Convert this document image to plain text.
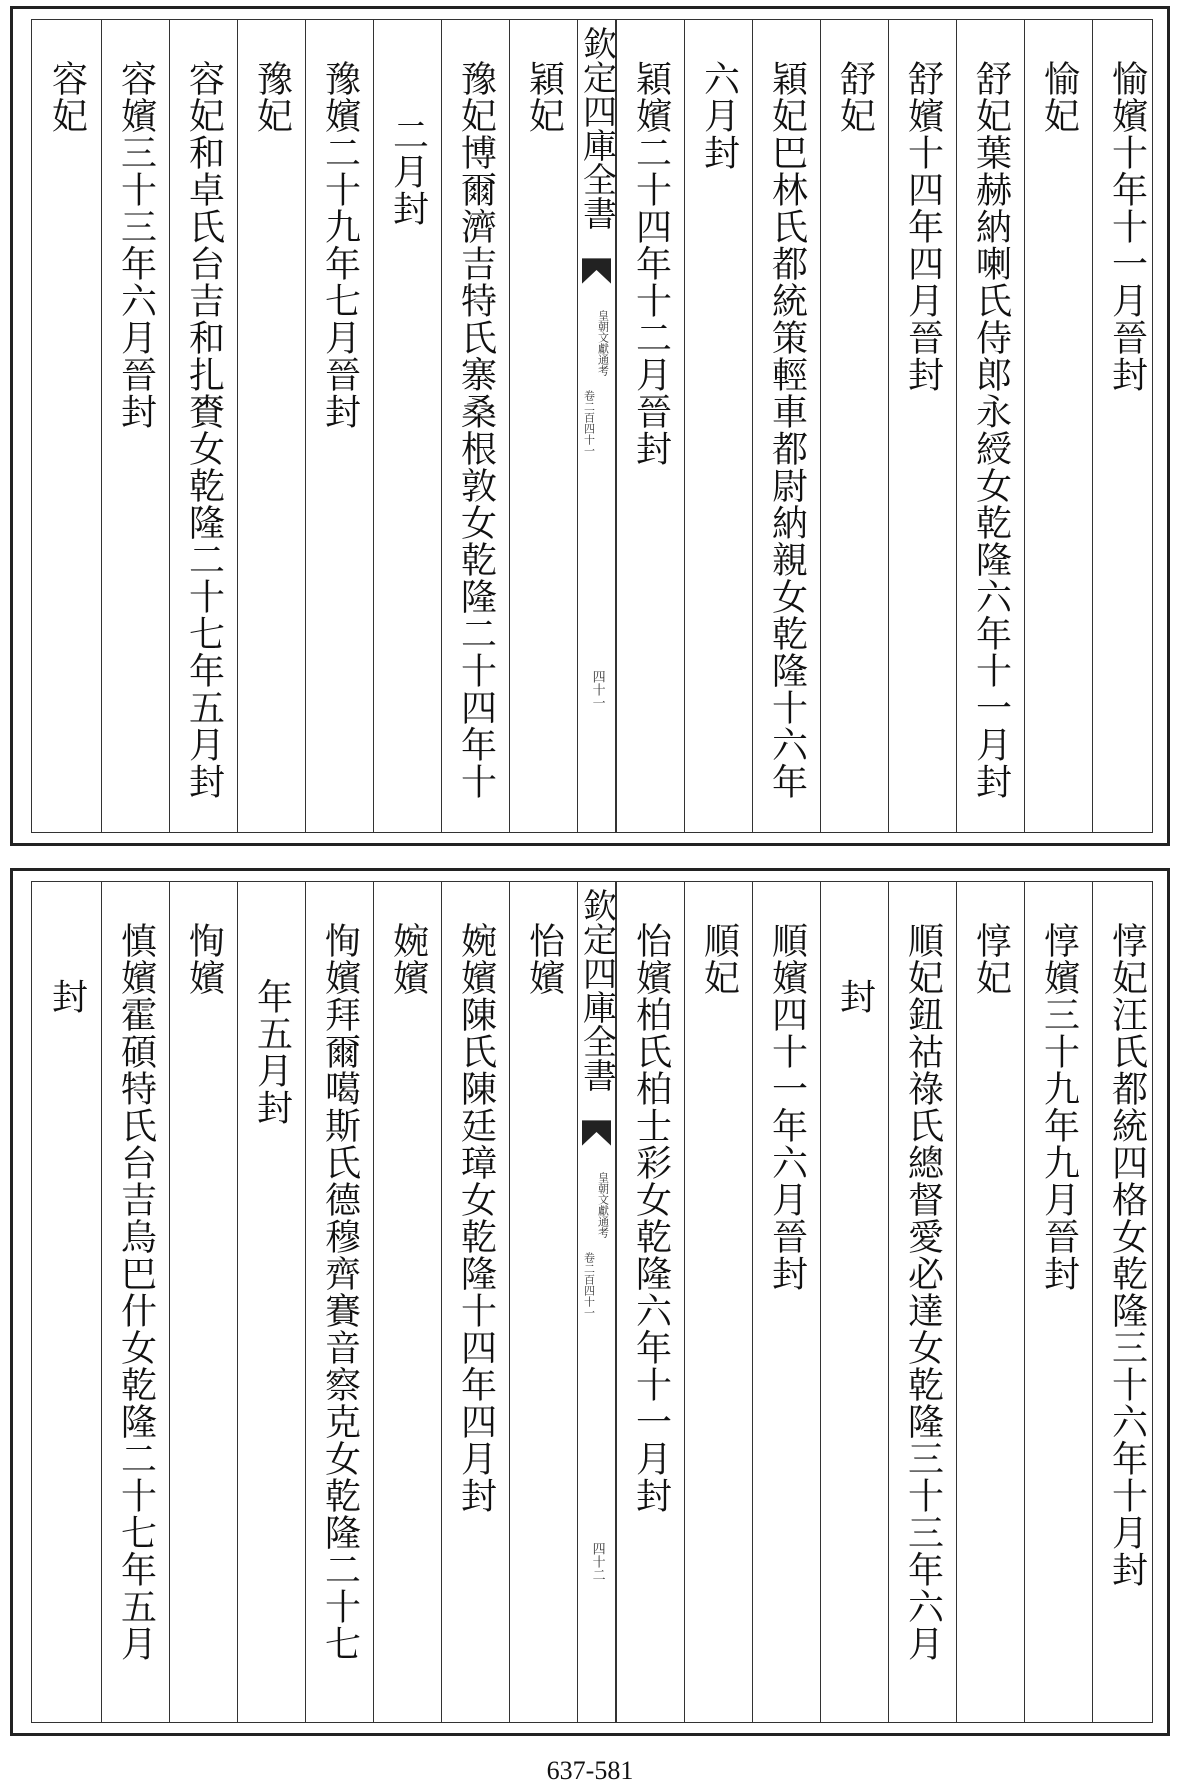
愉嬪十年十一月晉封
愉妃
舒妃葉赫納喇氏侍郎永綬女乾隆六年十一月封
舒嬪十四年四月晉封
舒妃
穎妃巴林氏都統策輕車都尉納親女乾隆十六年
六月封
穎嬪二十四年十二月晉封
欽定四庫全書
皇朝文獻通考
卷二百四十一
四十一
穎妃
豫妃博爾濟吉特氏寨桑根敦女乾隆二十四年十
二月封
豫嬪二十九年七月晉封
豫妃
容妃和卓氏台吉和扎賚女乾隆二十七年五月封
容嬪三十三年六月晉封
容妃
惇妃汪氏都統四格女乾隆三十六年十月封
惇嬪三十九年九月晉封
惇妃
順妃鈕祜祿氏總督愛必達女乾隆三十三年六月
封
順嬪四十一年六月晉封
順妃
怡嬪柏氏柏士彩女乾隆六年十一月封
欽定四庫全書
皇朝文獻通考
卷二百四十一
四十二
怡嬪
婉嬪陳氏陳廷璋女乾隆十四年四月封
婉嬪
恂嬪拜爾噶斯氏德穆齊賽音察克女乾隆二十七
年五月封
恂嬪
慎嬪霍碩特氏台吉烏巴什女乾隆二十七年五月
封
637-581
